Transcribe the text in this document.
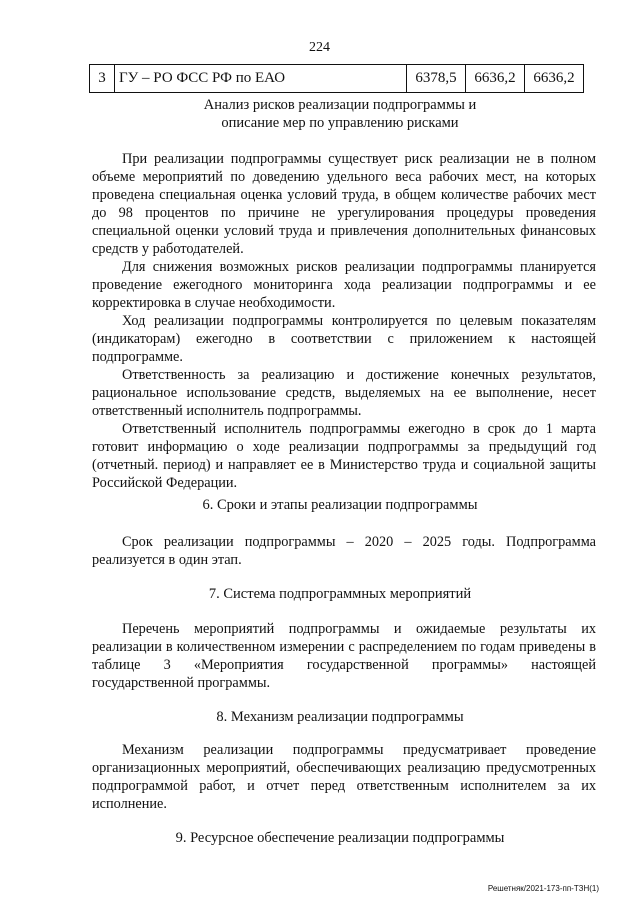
224
3	ГУ – РО ФСС РФ по ЕАО	6378,5	6636,2	6636,2
Анализ рисков реализации подпрограммы и
описание мер по управлению рисками

При реализации подпрограммы существует риск реализации не в полном объеме мероприятий по доведению удельного веса рабочих мест, на которых проведена специальная оценка условий труда, в общем количестве рабочих мест до 98 процентов по причине не урегулирования процедуры проведения специальной оценки условий труда и привлечения дополнительных финансовых средств у работодателей.

Для снижения возможных рисков реализации подпрограммы планируется проведение ежегодного мониторинга хода реализации подпрограммы и ее корректировка в случае необходимости.

Ход реализации подпрограммы контролируется по целевым показателям (индикаторам) ежегодно в соответствии с приложением к настоящей подпрограмме.

Ответственность за реализацию и достижение конечных результатов, рациональное использование средств, выделяемых на ее выполнение, несет ответственный исполнитель подпрограммы.

Ответственный исполнитель подпрограммы ежегодно в срок до 1 марта готовит информацию о ходе реализации подпрограммы за предыдущий год (отчетный. период) и направляет ее в Министерство труда и социальной защиты Российской Федерации.

6. Сроки и этапы реализации подпрограммы

Срок реализации подпрограммы – 2020 – 2025 годы. Подпрограмма реализуется в один этап.

7. Система подпрограммных мероприятий

Перечень мероприятий подпрограммы и ожидаемые результаты их реализации в количественном измерении с распределением по годам приведены в таблице 3 «Мероприятия государственной программы» настоящей государственной программы.

8. Механизм реализации подпрограммы

Механизм реализации подпрограммы предусматривает проведение организационных мероприятий, обеспечивающих реализацию предусмотренных подпрограммой работ, и отчет перед ответственным исполнителем за их исполнение.

9. Ресурсное обеспечение реализации подпрограммы
Решетняк/2021-173-пп-ТЗН(1)
